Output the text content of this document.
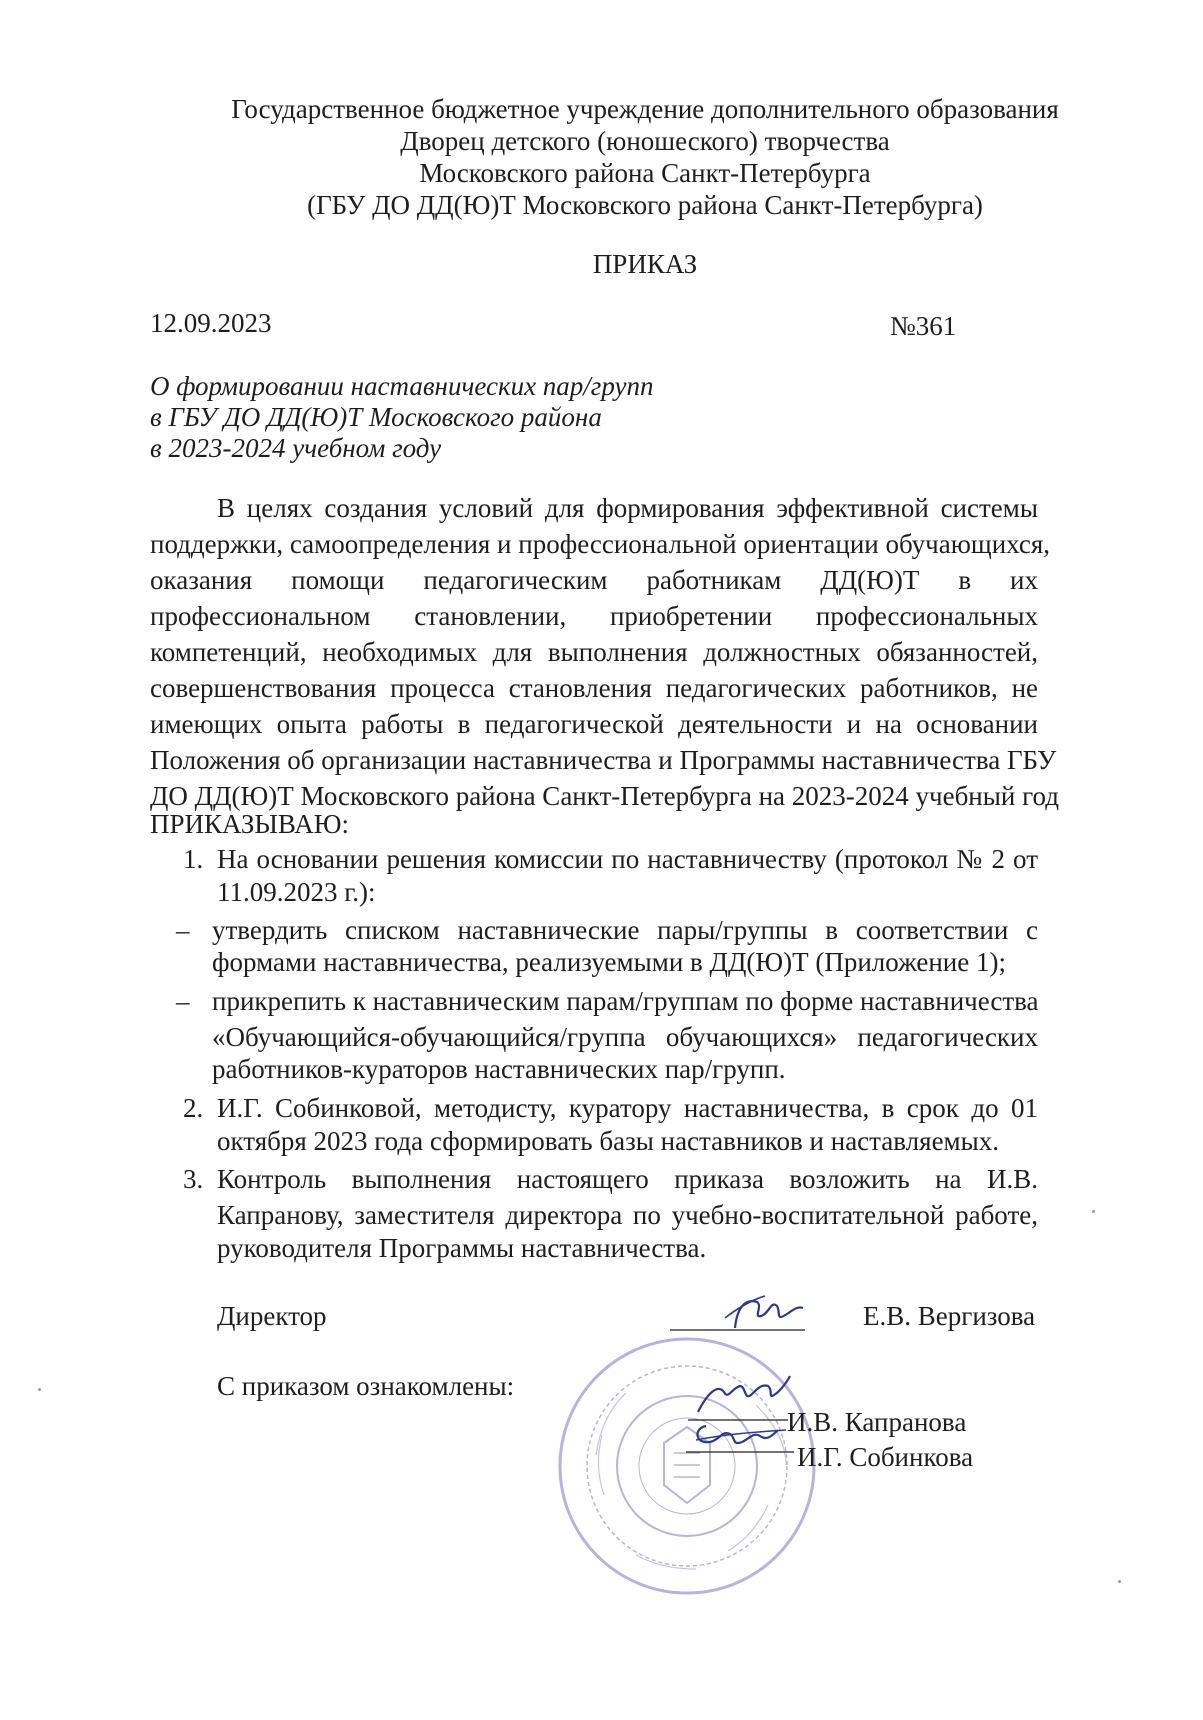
Государственное бюджетное учреждение дополнительного образования
Дворец детского (юношеского) творчества
Московского района Санкт-Петербурга
(ГБУ ДО ДД(Ю)Т Московского района Санкт-Петербурга)
ПРИКАЗ
12.09.2023	№361
О формировании наставнических пар/групп
в ГБУ ДО ДД(Ю)Т Московского района
в 2023-2024 учебном году
В целях создания условий для формирования эффективной системы
поддержки, самоопределения и профессиональной ориентации обучающихся,
оказания помощи педагогическим работникам ДД(Ю)Т в их
профессиональном становлении, приобретении профессиональных
компетенций, необходимых для выполнения должностных обязанностей,
совершенствования процесса становления педагогических работников, не
имеющих опыта работы в педагогической деятельности и на основании
Положения об организации наставничества и Программы наставничества ГБУ
ДО ДД(Ю)Т Московского района Санкт-Петербурга на 2023-2024 учебный год
ПРИКАЗЫВАЮ:
1. На основании решения комиссии по наставничеству (протокол № 2 от
11.09.2023 г.):
– утвердить списком наставнические пары/группы в соответствии с
формами наставничества, реализуемыми в ДД(Ю)Т (Приложение 1);
– прикрепить к наставническим парам/группам по форме наставничества
«Обучающийся-обучающийся/группа обучающихся» педагогических
работников-кураторов наставнических пар/групп.
2. И.Г. Собинковой, методисту, куратору наставничества, в срок до 01
октября 2023 года сформировать базы наставников и наставляемых.
3. Контроль выполнения настоящего приказа возложить на И.В.
Капранову, заместителя директора по учебно-воспитательной работе,
руководителя Программы наставничества.
Директор	Е.В. Вергизова
С приказом ознакомлены:
И.В. Капранова
И.Г. Собинкова
